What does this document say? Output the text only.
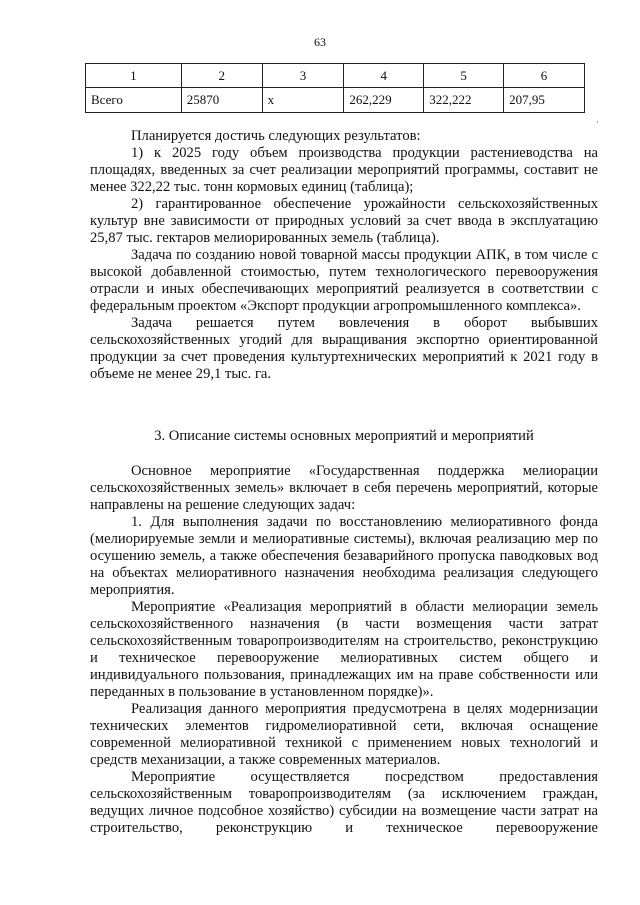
63
1	2	3	4	5	6
Всего	25870	х	262,229	322,222	207,95
Планируется достичь следующих результатов:
1) к 2025 году объем производства продукции растениеводства на площадях, введенных за счет реализации мероприятий программы, составит не менее 322,22 тыс. тонн кормовых единиц (таблица);
2) гарантированное обеспечение урожайности сельскохозяйственных культур вне зависимости от природных условий за счет ввода в эксплуатацию 25,87 тыс. гектаров мелиорированных земель (таблица).
Задача по созданию новой товарной массы продукции АПК, в том числе с высокой добавленной стоимостью, путем технологического перевооружения отрасли и иных обеспечивающих мероприятий реализуется в соответствии с федеральным проектом «Экспорт продукции агропромышленного комплекса».
Задача решается путем вовлечения в оборот выбывших сельскохозяйственных угодий для выращивания экспортно ориентированной продукции за счет проведения культуртехнических мероприятий к 2021 году в объеме не менее 29,1 тыс. га.
3. Описание системы основных мероприятий и мероприятий
Основное мероприятие «Государственная поддержка мелиорации сельскохозяйственных земель» включает в себя перечень мероприятий, которые направлены на решение следующих задач:
1. Для выполнения задачи по восстановлению мелиоративного фонда (мелиорируемые земли и мелиоративные системы), включая реализацию мер по осушению земель, а также обеспечения безаварийного пропуска паводковых вод на объектах мелиоративного назначения необходима реализация следующего мероприятия.
Мероприятие «Реализация мероприятий в области мелиорации земель сельскохозяйственного назначения (в части возмещения части затрат сельскохозяйственным товаропроизводителям на строительство, реконструкцию и техническое перевооружение мелиоративных систем общего и индивидуального пользования, принадлежащих им на праве собственности или переданных в пользование в установленном порядке)».
Реализация данного мероприятия предусмотрена в целях модернизации технических элементов гидромелиоративной сети, включая оснащение современной мелиоративной техникой с применением новых технологий и средств механизации, а также современных материалов.
Мероприятие осуществляется посредством предоставления сельскохозяйственным товаропроизводителям (за исключением граждан, ведущих личное подсобное хозяйство) субсидии на возмещение части затрат на строительство, реконструкцию и техническое перевооружение
·
